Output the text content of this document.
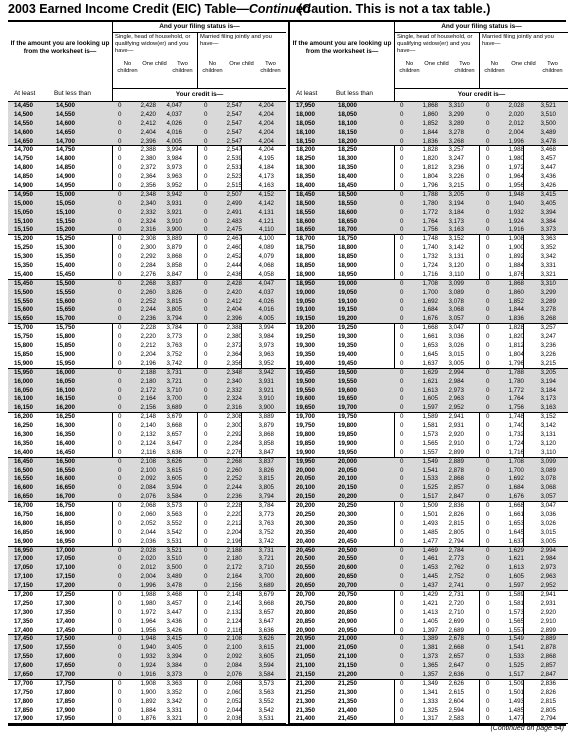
2003 Earned Income Credit (EIC) Table—Continued
(Caution. This is not a tax table.)
If the amount you are looking up from the worksheet is—
At least	But less than
And your filing status is—
Single, head of household, or qualifying widow(er) and you have—
No children
One child	Two children
Married filing jointly and you have—
No children
One child	Two children
Your credit is—
14,450	14,500	0	2,428	4,047	0	2,547	4,204
14,500	14,550	0	2,420	4,037	0	2,547	4,204
14,550	14,600	0	2,412	4,026	0	2,547	4,204
14,600	14,650	0	2,404	4,016	0	2,547	4,204
14,650	14,700	0	2,396	4,005	0	2,547	4,204
14,700	14,750	0	2,388	3,994	0	2,547	4,204
14,750	14,800	0	2,380	3,984	0	2,539	4,195
14,800	14,850	0	2,372	3,973	0	2,531	4,184
14,850	14,900	0	2,364	3,963	0	2,523	4,173
14,900	14,950	0	2,356	3,952	0	2,515	4,163
14,950	15,000	0	2,348	3,942	0	2,507	4,152
15,000	15,050	0	2,340	3,931	0	2,499	4,142
15,050	15,100	0	2,332	3,921	0	2,491	4,131
15,100	15,150	0	2,324	3,910	0	2,483	4,121
15,150	15,200	0	2,316	3,900	0	2,475	4,110
15,200	15,250	0	2,308	3,889	0	2,467	4,100
15,250	15,300	0	2,300	3,879	0	2,460	4,089
15,300	15,350	0	2,292	3,868	0	2,452	4,079
15,350	15,400	0	2,284	3,858	0	2,444	4,068
15,400	15,450	0	2,276	3,847	0	2,436	4,058
15,450	15,500	0	2,268	3,837	0	2,428	4,047
15,500	15,550	0	2,260	3,826	0	2,420	4,037
15,550	15,600	0	2,252	3,815	0	2,412	4,026
15,600	15,650	0	2,244	3,805	0	2,404	4,016
15,650	15,700	0	2,236	3,794	0	2,396	4,005
15,700	15,750	0	2,228	3,784	0	2,388	3,994
15,750	15,800	0	2,220	3,773	0	2,380	3,984
15,800	15,850	0	2,212	3,763	0	2,372	3,973
15,850	15,900	0	2,204	3,752	0	2,364	3,963
15,900	15,950	0	2,196	3,742	0	2,356	3,952
15,950	16,000	0	2,188	3,731	0	2,348	3,942
16,000	16,050	0	2,180	3,721	0	2,340	3,931
16,050	16,100	0	2,172	3,710	0	2,332	3,921
16,100	16,150	0	2,164	3,700	0	2,324	3,910
16,150	16,200	0	2,156	3,689	0	2,316	3,900
16,200	16,250	0	2,148	3,679	0	2,308	3,889
16,250	16,300	0	2,140	3,668	0	2,300	3,879
16,300	16,350	0	2,132	3,657	0	2,292	3,868
16,350	16,400	0	2,124	3,647	0	2,284	3,858
16,400	16,450	0	2,116	3,636	0	2,276	3,847
16,450	16,500	0	2,108	3,626	0	2,268	3,837
16,500	16,550	0	2,100	3,615	0	2,260	3,826
16,550	16,600	0	2,092	3,605	0	2,252	3,815
16,600	16,650	0	2,084	3,594	0	2,244	3,805
16,650	16,700	0	2,076	3,584	0	2,236	3,794
16,700	16,750	0	2,068	3,573	0	2,228	3,784
16,750	16,800	0	2,060	3,563	0	2,220	3,773
16,800	16,850	0	2,052	3,552	0	2,212	3,763
16,850	16,900	0	2,044	3,542	0	2,204	3,752
16,900	16,950	0	2,036	3,531	0	2,196	3,742
16,950	17,000	0	2,028	3,521	0	2,188	3,731
17,000	17,050	0	2,020	3,510	0	2,180	3,721
17,050	17,100	0	2,012	3,500	0	2,172	3,710
17,100	17,150	0	2,004	3,489	0	2,164	3,700
17,150	17,200	0	1,996	3,478	0	2,156	3,689
17,200	17,250	0	1,988	3,468	0	2,148	3,679
17,250	17,300	0	1,980	3,457	0	2,140	3,668
17,300	17,350	0	1,972	3,447	0	2,132	3,657
17,350	17,400	0	1,964	3,436	0	2,124	3,647
17,400	17,450	0	1,956	3,426	0	2,116	3,636
17,450	17,500	0	1,948	3,415	0	2,108	3,626
17,500	17,550	0	1,940	3,405	0	2,100	3,615
17,550	17,600	0	1,932	3,394	0	2,092	3,605
17,600	17,650	0	1,924	3,384	0	2,084	3,594
17,650	17,700	0	1,916	3,373	0	2,076	3,584
17,700	17,750	0	1,908	3,363	0	2,068	3,573
17,750	17,800	0	1,900	3,352	0	2,060	3,563
17,800	17,850	0	1,892	3,342	0	2,052	3,552
17,850	17,900	0	1,884	3,331	0	2,044	3,542
17,900	17,950	0	1,876	3,321	0	2,036	3,531
If the amount you are looking up from the worksheet is—
At least	But less than
And your filing status is—
Single, head of household, or qualifying widow(er) and you have—
No children
One child	Two children
Married filing jointly and you have—
No children
One child	Two children
Your credit is—
17,950	18,000	0	1,868	3,310	0	2,028	3,521
18,000	18,050	0	1,860	3,299	0	2,020	3,510
18,050	18,100	0	1,852	3,289	0	2,012	3,500
18,100	18,150	0	1,844	3,278	0	2,004	3,489
18,150	18,200	0	1,836	3,268	0	1,996	3,478
18,200	18,250	0	1,828	3,257	0	1,988	3,468
18,250	18,300	0	1,820	3,247	0	1,980	3,457
18,300	18,350	0	1,812	3,236	0	1,972	3,447
18,350	18,400	0	1,804	3,226	0	1,964	3,436
18,400	18,450	0	1,796	3,215	0	1,956	3,426
18,450	18,500	0	1,788	3,205	0	1,948	3,415
18,500	18,550	0	1,780	3,194	0	1,940	3,405
18,550	18,600	0	1,772	3,184	0	1,932	3,394
18,600	18,650	0	1,764	3,173	0	1,924	3,384
18,650	18,700	0	1,756	3,163	0	1,916	3,373
18,700	18,750	0	1,748	3,152	0	1,908	3,363
18,750	18,800	0	1,740	3,142	0	1,900	3,352
18,800	18,850	0	1,732	3,131	0	1,892	3,342
18,850	18,900	0	1,724	3,120	0	1,884	3,331
18,900	18,950	0	1,716	3,110	0	1,876	3,321
18,950	19,000	0	1,708	3,099	0	1,868	3,310
19,000	19,050	0	1,700	3,089	0	1,860	3,299
19,050	19,100	0	1,692	3,078	0	1,852	3,289
19,100	19,150	0	1,684	3,068	0	1,844	3,278
19,150	19,200	0	1,676	3,057	0	1,836	3,268
19,200	19,250	0	1,668	3,047	0	1,828	3,257
19,250	19,300	0	1,661	3,036	0	1,820	3,247
19,300	19,350	0	1,653	3,026	0	1,812	3,236
19,350	19,400	0	1,645	3,015	0	1,804	3,226
19,400	19,450	0	1,637	3,005	0	1,796	3,215
19,450	19,500	0	1,629	2,994	0	1,788	3,205
19,500	19,550	0	1,621	2,984	0	1,780	3,194
19,550	19,600	0	1,613	2,973	0	1,772	3,184
19,600	19,650	0	1,605	2,963	0	1,764	3,173
19,650	19,700	0	1,597	2,952	0	1,756	3,163
19,700	19,750	0	1,589	2,941	0	1,748	3,152
19,750	19,800	0	1,581	2,931	0	1,740	3,142
19,800	19,850	0	1,573	2,920	0	1,732	3,131
19,850	19,900	0	1,565	2,910	0	1,724	3,120
19,900	19,950	0	1,557	2,899	0	1,716	3,110
19,950	20,000	0	1,549	2,889	0	1,708	3,099
20,000	20,050	0	1,541	2,878	0	1,700	3,089
20,050	20,100	0	1,533	2,868	0	1,692	3,078
20,100	20,150	0	1,525	2,857	0	1,684	3,068
20,150	20,200	0	1,517	2,847	0	1,676	3,057
20,200	20,250	0	1,509	2,836	0	1,668	3,047
20,250	20,300	0	1,501	2,826	0	1,661	3,036
20,300	20,350	0	1,493	2,815	0	1,653	3,026
20,350	20,400	0	1,485	2,805	0	1,645	3,015
20,400	20,450	0	1,477	2,794	0	1,637	3,005
20,450	20,500	0	1,469	2,784	0	1,629	2,994
20,500	20,550	0	1,461	2,773	0	1,621	2,984
20,550	20,600	0	1,453	2,762	0	1,613	2,973
20,600	20,650	0	1,445	2,752	0	1,605	2,963
20,650	20,700	0	1,437	2,741	0	1,597	2,952
20,700	20,750	0	1,429	2,731	0	1,589	2,941
20,750	20,800	0	1,421	2,720	0	1,581	2,931
20,800	20,850	0	1,413	2,710	0	1,573	2,920
20,850	20,900	0	1,405	2,699	0	1,565	2,910
20,900	20,950	0	1,397	2,689	0	1,557	2,899
20,950	21,000	0	1,389	2,678	0	1,549	2,889
21,000	21,050	0	1,381	2,668	0	1,541	2,878
21,050	21,100	0	1,373	2,657	0	1,533	2,868
21,100	21,150	0	1,365	2,647	0	1,525	2,857
21,150	21,200	0	1,357	2,636	0	1,517	2,847
21,200	21,250	0	1,349	2,626	0	1,509	2,836
21,250	21,300	0	1,341	2,615	0	1,501	2,826
21,300	21,350	0	1,333	2,604	0	1,493	2,815
21,350	21,400	0	1,325	2,594	0	1,485	2,805
21,400	21,450	0	1,317	2,583	0	1,477	2,794
(Continued on page 54)
